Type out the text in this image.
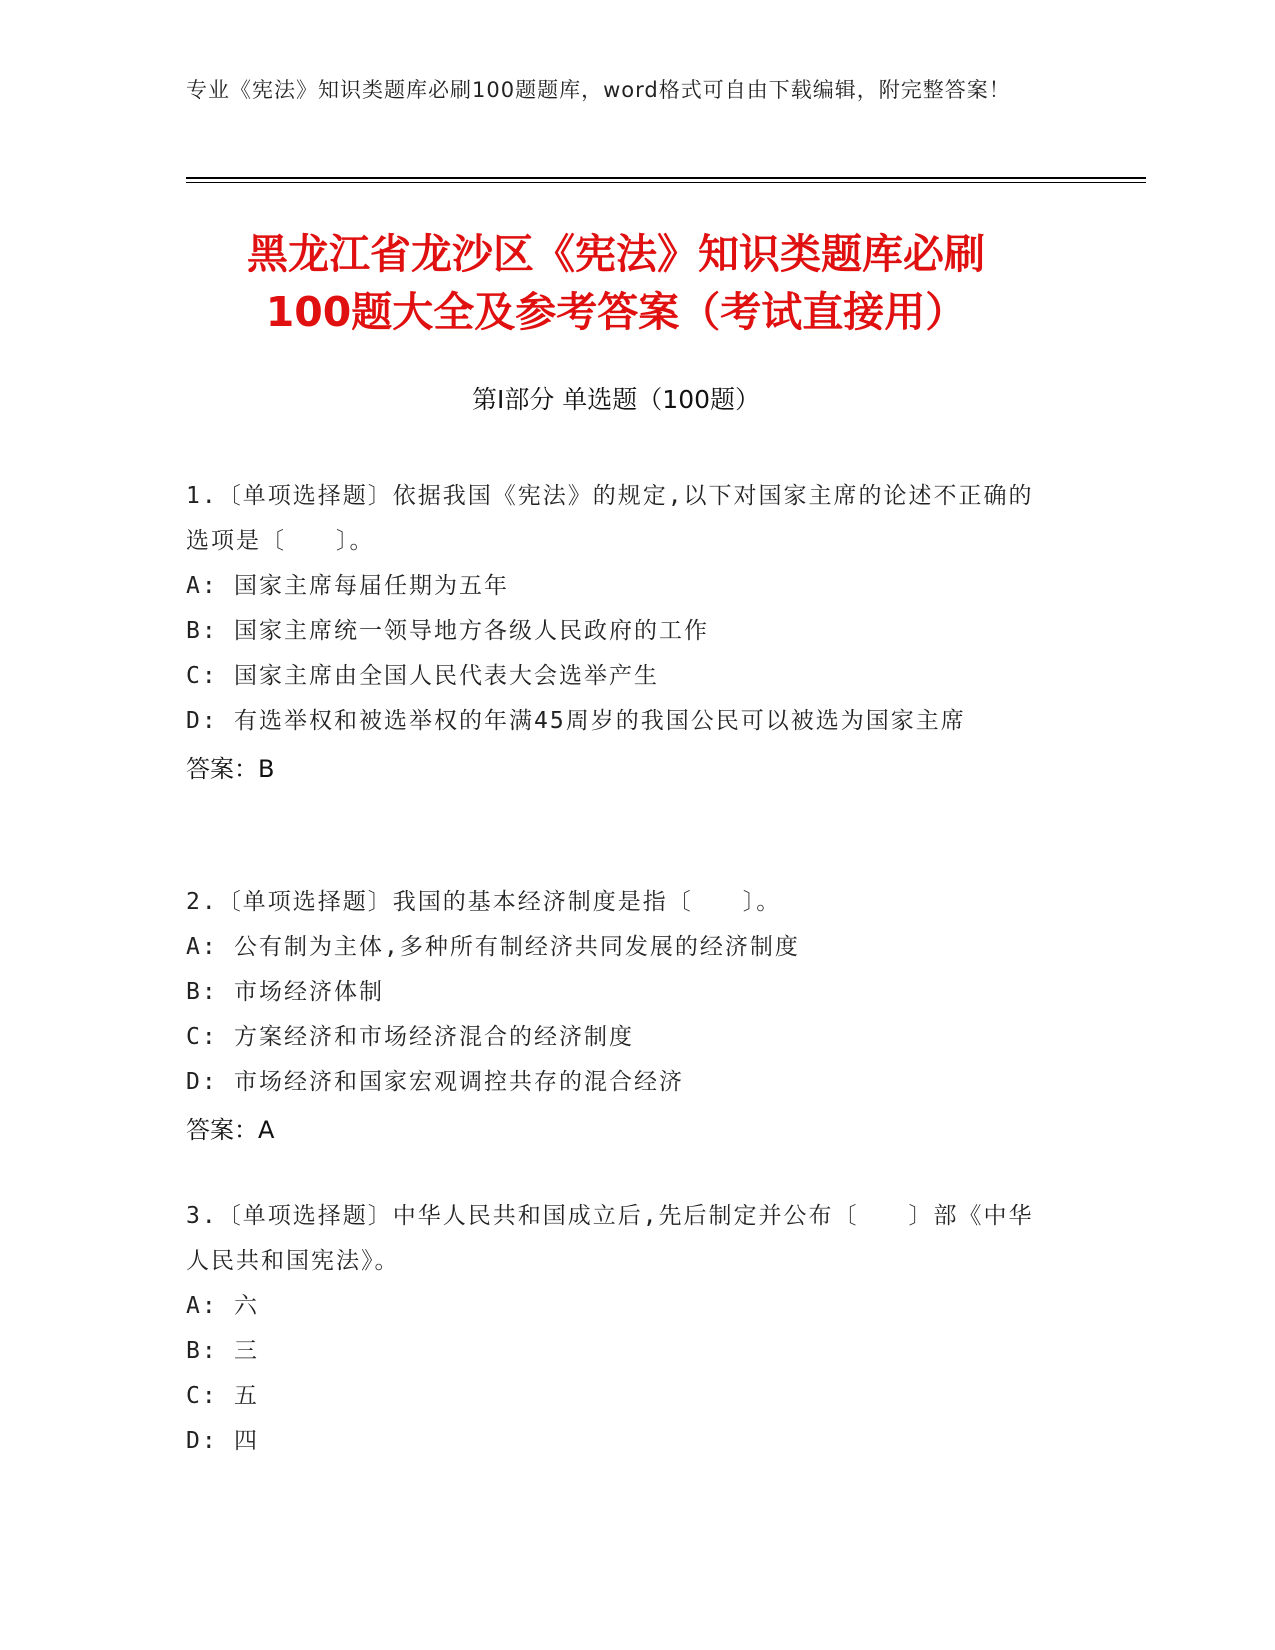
专业《宪法》知识类题库必刷100题题库，word格式可自由下载编辑，附完整答案！
黑龙江省龙沙区《宪法》知识类题库必刷
100题大全及参考答案（考试直接用）
第I部分 单选题（100题）
1.〔单项选择题〕依据我国《宪法》的规定,以下对国家主席的论述不正确的选项是〔　　〕。
A: 国家主席每届任期为五年
B: 国家主席统一领导地方各级人民政府的工作
C: 国家主席由全国人民代表大会选举产生
D: 有选举权和被选举权的年满45周岁的我国公民可以被选为国家主席
答案：B
2.〔单项选择题〕我国的基本经济制度是指〔　　〕。
A: 公有制为主体,多种所有制经济共同发展的经济制度
B: 市场经济体制
C: 方案经济和市场经济混合的经济制度
D: 市场经济和国家宏观调控共存的混合经济
答案：A
3.〔单项选择题〕中华人民共和国成立后,先后制定并公布〔　　〕部《中华人民共和国宪法》。
A: 六
B: 三
C: 五
D: 四
